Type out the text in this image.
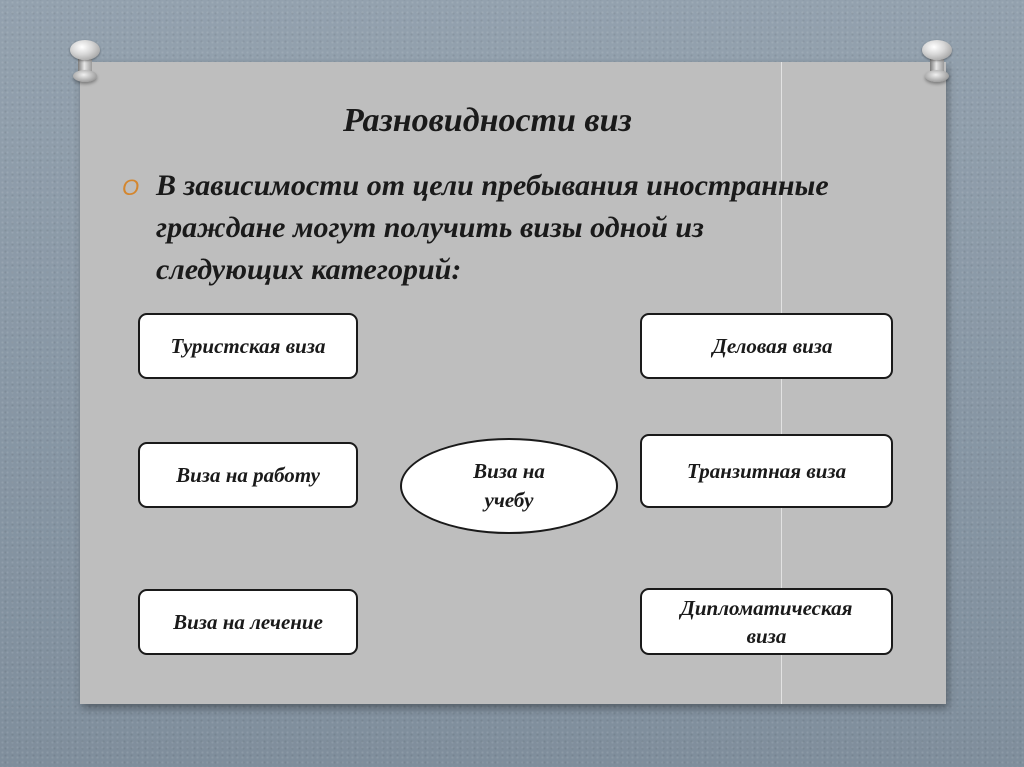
Разновидности виз
O В зависимости от цели пребывания иностранные граждане могут получить визы одной из следующих категорий:
Туристская виза
Виза на работу
Виза на лечение
Виза на учебу
Деловая виза
Транзитная виза
Дипломатическая виза
